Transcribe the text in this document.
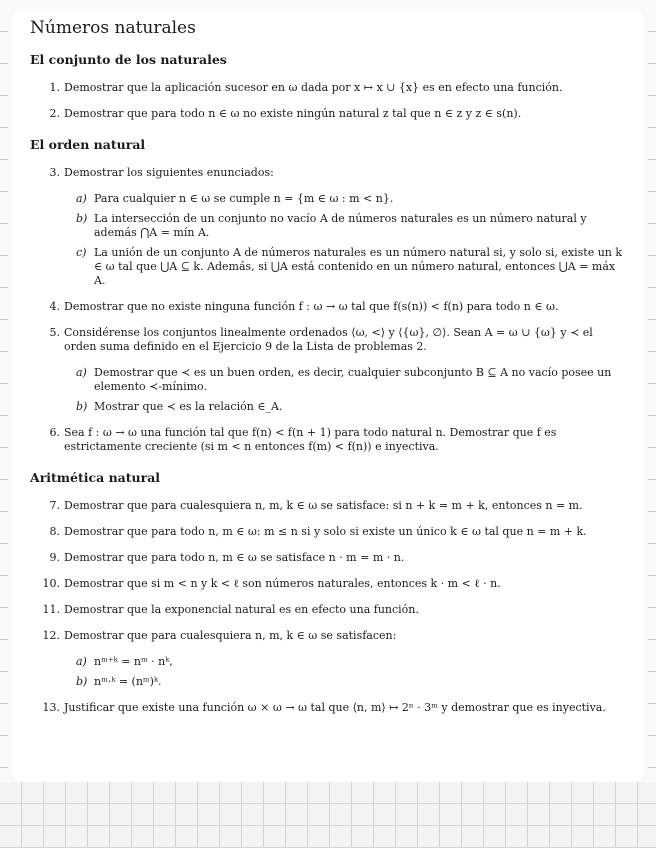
Números naturales
El conjunto de los naturales
1. Demostrar que la aplicación sucesor en ω dada por x ↦ x ∪ {x} es en efecto una función.
2. Demostrar que para todo n ∈ ω no existe ningún natural z tal que n ∈ z y z ∈ s(n).
El orden natural
3. Demostrar los siguientes enunciados:
a) Para cualquier n ∈ ω se cumple n = {m ∈ ω : m < n}.
b) La intersección de un conjunto no vacío A de números naturales es un número natural y además ⋂A = mín A.
c) La unión de un conjunto A de números naturales es un número natural si, y solo si, existe un k ∈ ω tal que ⋃A ⊆ k. Además, si ⋃A está contenido en un número natural, entonces ⋃A = máx A.
4. Demostrar que no existe ninguna función f : ω → ω tal que f(s(n)) < f(n) para todo n ∈ ω.
5. Considérense los conjuntos linealmente ordenados ⟨ω, <⟩ y ⟨{ω}, ∅⟩. Sean A = ω ∪ {ω} y ≺ el orden suma definido en el Ejercicio 9 de la Lista de problemas 2.
a) Demostrar que ≺ es un buen orden, es decir, cualquier subconjunto B ⊆ A no vacío posee un elemento ≺-mínimo.
b) Mostrar que ≺ es la relación ∈_A.
6. Sea f : ω → ω una función tal que f(n) < f(n + 1) para todo natural n. Demostrar que f es estrictamente creciente (si m < n entonces f(m) < f(n)) e inyectiva.
Aritmética natural
7. Demostrar que para cualesquiera n, m, k ∈ ω se satisface: si n + k = m + k, entonces n = m.
8. Demostrar que para todo n, m ∈ ω: m ≤ n si y solo si existe un único k ∈ ω tal que n = m + k.
9. Demostrar que para todo n, m ∈ ω se satisface n · m = m · n.
10. Demostrar que si m < n y k < ℓ son números naturales, entonces k · m < ℓ · n.
11. Demostrar que la exponencial natural es en efecto una función.
12. Demostrar que para cualesquiera n, m, k ∈ ω se satisfacen:
a) nᵐ⁺ᵏ = nᵐ · nᵏ,
b) nᵐ·ᵏ = (nᵐ)ᵏ.
13. Justificar que existe una función ω × ω → ω tal que ⟨n, m⟩ ↦ 2ⁿ · 3ᵐ y demostrar que es inyectiva.
